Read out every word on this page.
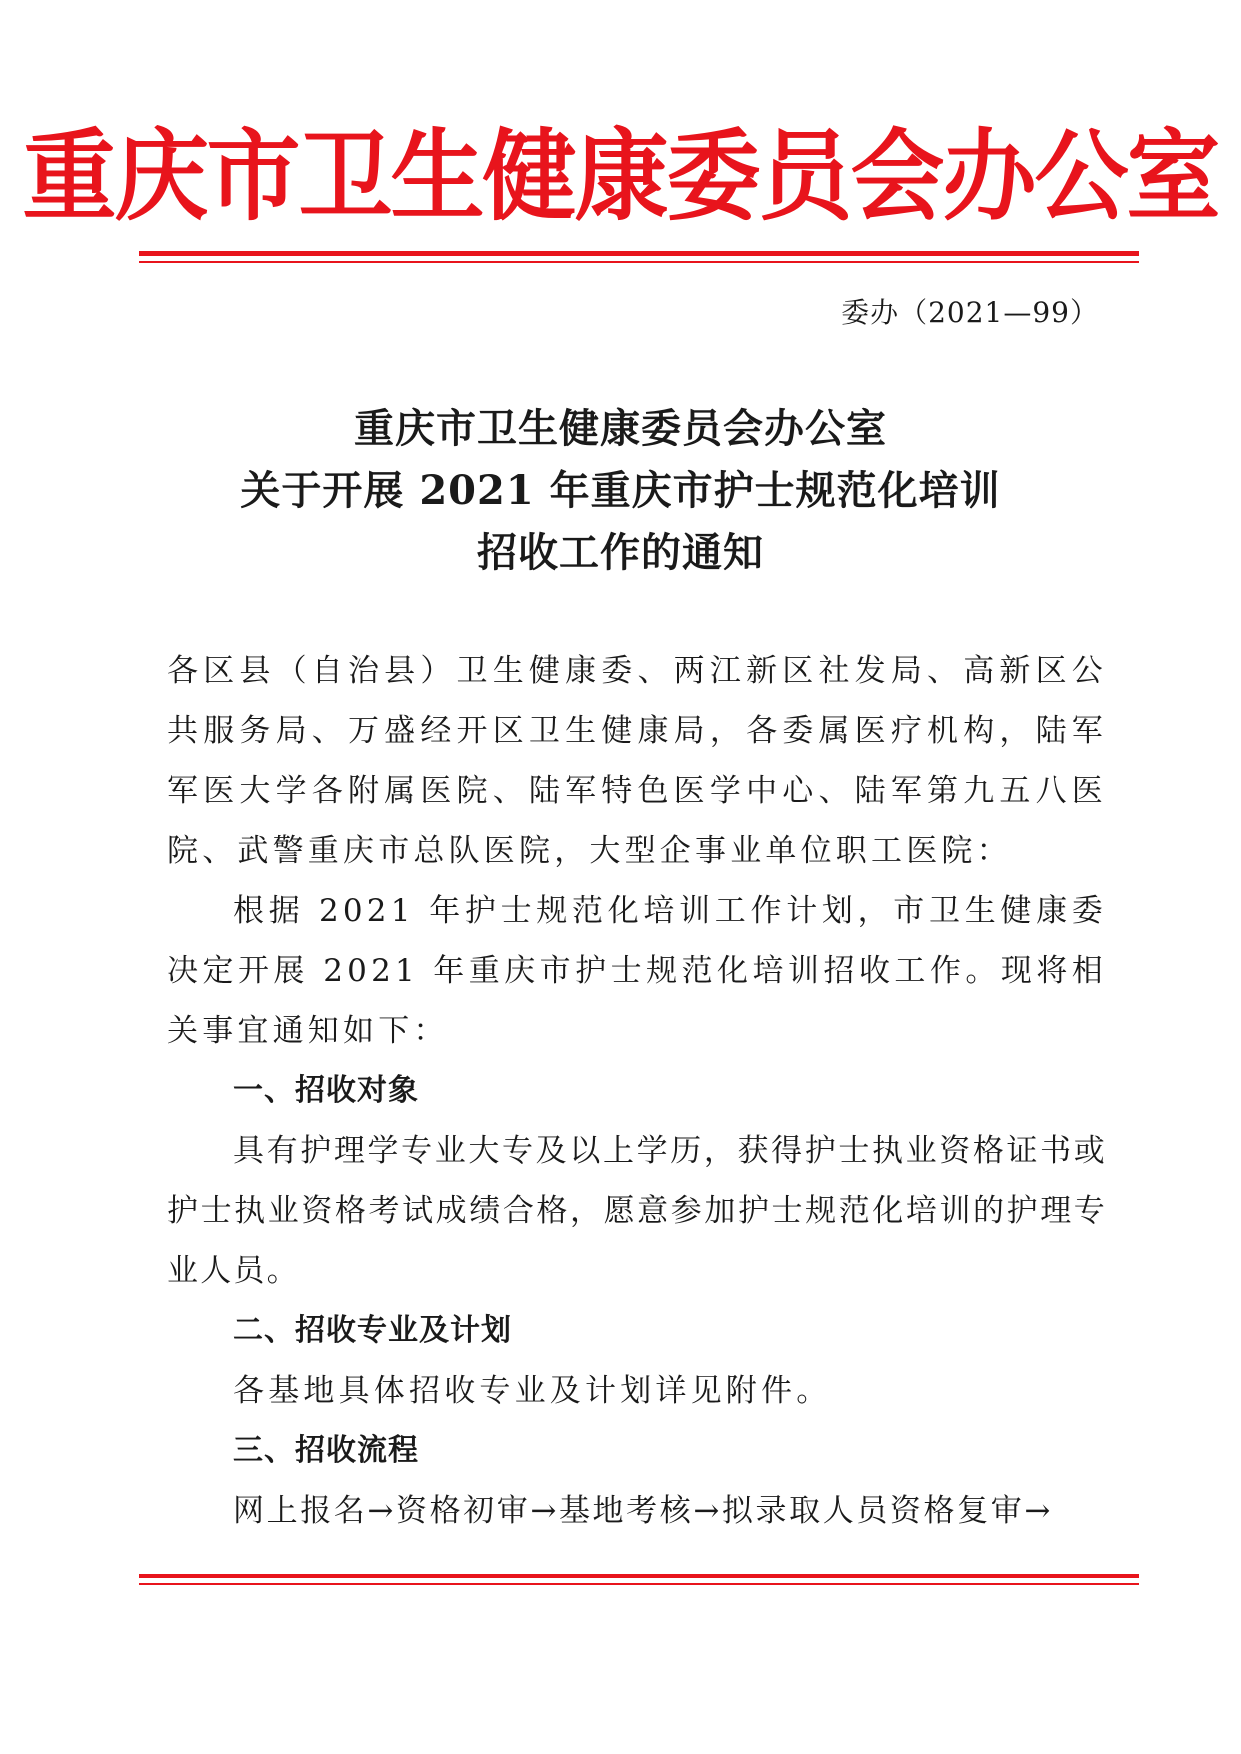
重庆市卫生健康委员会办公室
委办（2021—99）
重庆市卫生健康委员会办公室
关于开展 2021 年重庆市护士规范化培训
招收工作的通知

各区县（自治县）卫生健康委、两江新区社发局、高新区公共服务局、万盛经开区卫生健康局，各委属医疗机构，陆军军医大学各附属医院、陆军特色医学中心、陆军第九五八医院、武警重庆市总队医院，大型企事业单位职工医院：

根据 2021 年护士规范化培训工作计划，市卫生健康委决定开展 2021 年重庆市护士规范化培训招收工作。现将相关事宜通知如下：

一、招收对象

具有护理学专业大专及以上学历，获得护士执业资格证书或护士执业资格考试成绩合格，愿意参加护士规范化培训的护理专业人员。

二、招收专业及计划

各基地具体招收专业及计划详见附件。

三、招收流程

网上报名→资格初审→基地考核→拟录取人员资格复审→
